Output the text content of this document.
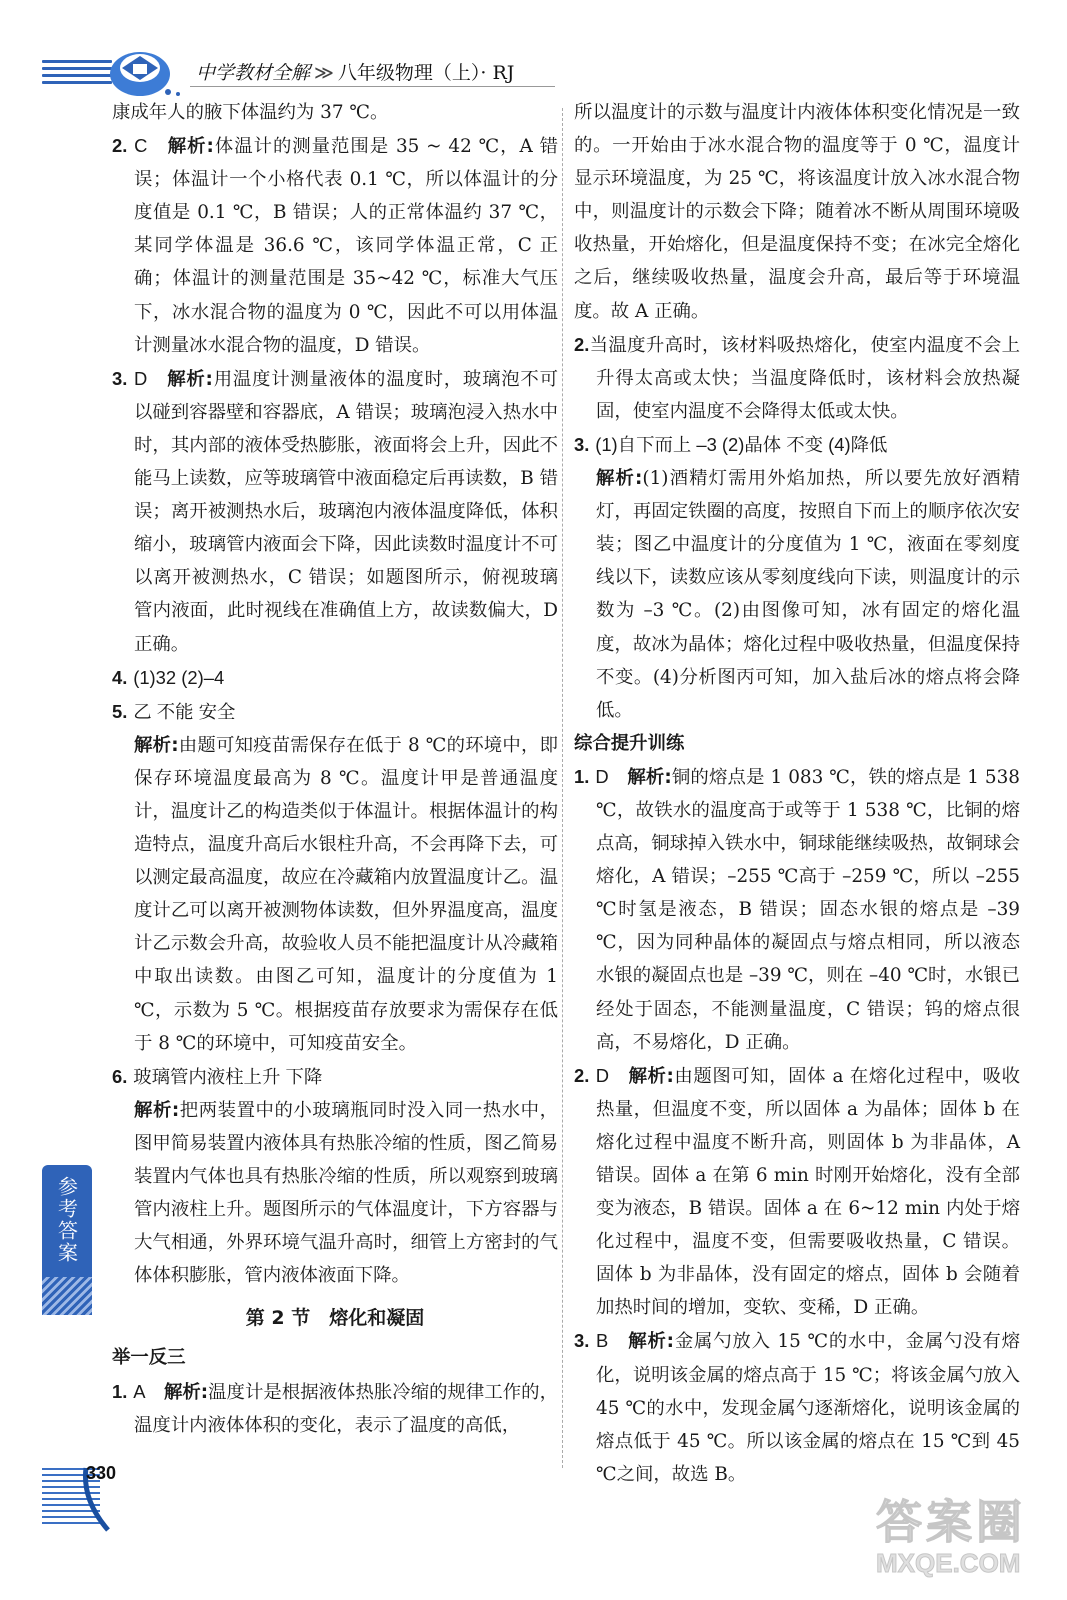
中学教材全解 ≫ 八年级物理（上）· RJ

康成年人的腋下体温约为 37 ℃。

2. C　 解析:体温计的测量范围是 35 ~ 42 ℃，A 错误；体温计一个小格代表 0.1 ℃，所以体温计的分度值是 0.1 ℃，B 错误；人的正常体温约 37 ℃，某同学体温是 36.6 ℃，该同学体温正常，C 正确；体温计的测量范围是 35~42 ℃，标准大气压下，冰水混合物的温度为 0 ℃，因此不可以用体温计测量冰水混合物的温度，D 错误。

3. D　 解析:用温度计测量液体的温度时，玻璃泡不可以碰到容器壁和容器底，A 错误；玻璃泡浸入热水中时，其内部的液体受热膨胀，液面将会上升，因此不能马上读数，应等玻璃管中液面稳定后再读数，B 错误；离开被测热水后，玻璃泡内液体温度降低，体积缩小，玻璃管内液面会下降，因此读数时温度计不可以离开被测热水，C 错误；如题图所示，俯视玻璃管内液面，此时视线在准确值上方，故读数偏大，D 正确。

4. (1)32 (2)–4

5. 乙 不能 安全

解析:由题可知疫苗需保存在低于 8 ℃的环境中，即保存环境温度最高为 8 ℃。温度计甲是普通温度计，温度计乙的构造类似于体温计。根据体温计的构造特点，温度升高后水银柱升高，不会再降下去，可以测定最高温度，故应在冷藏箱内放置温度计乙。温度计乙可以离开被测物体读数，但外界温度高，温度计乙示数会升高，故验收人员不能把温度计从冷藏箱中取出读数。由图乙可知，温度计的分度值为 1 ℃，示数为 5 ℃。根据疫苗存放要求为需保存在低于 8 ℃的环境中，可知疫苗安全。

6. 玻璃管内液柱上升 下降

解析:把两装置中的小玻璃瓶同时没入同一热水中，图甲简易装置内液体具有热胀冷缩的性质，图乙简易装置内气体也具有热胀冷缩的性质，所以观察到玻璃管内液柱上升。题图所示的气体温度计，下方容器与大气相通，外界环境气温升高时，细管上方密封的气体体积膨胀，管内液体液面下降。

第 2 节　熔化和凝固
举一反三

1. A　 解析:温度计是根据液体热胀冷缩的规律工作的，温度计内液体体积的变化，表示了温度的高低，

所以温度计的示数与温度计内液体体积变化情况是一致的。一开始由于冰水混合物的温度等于 0 ℃，温度计显示环境温度，为 25 ℃，将该温度计放入冰水混合物中，则温度计的示数会下降；随着冰不断从周围环境吸收热量，开始熔化，但是温度保持不变；在冰完全熔化之后，继续吸收热量，温度会升高，最后等于环境温度。故 A 正确。

2.当温度升高时，该材料吸热熔化，使室内温度不会上升得太高或太快；当温度降低时，该材料会放热凝固，使室内温度不会降得太低或太快。

3. (1)自下而上 –3 (2)晶体 不变 (4)降低

解析:(1)酒精灯需用外焰加热，所以要先放好酒精灯，再固定铁圈的高度，按照自下而上的顺序依次安装；图乙中温度计的分度值为 1 ℃，液面在零刻度线以下，读数应该从零刻度线向下读，则温度计的示数为 –3 ℃。(2)由图像可知，冰有固定的熔化温度，故冰为晶体；熔化过程中吸收热量，但温度保持不变。(4)分析图丙可知，加入盐后冰的熔点将会降低。

综合提升训练

1. D　 解析:铜的熔点是 1 083 ℃，铁的熔点是 1 538 ℃，故铁水的温度高于或等于 1 538 ℃，比铜的熔点高，铜球掉入铁水中，铜球能继续吸热，故铜球会熔化，A 错误；–255 ℃高于 –259 ℃，所以 –255 ℃时氢是液态，B 错误；固态水银的熔点是 –39 ℃，因为同种晶体的凝固点与熔点相同，所以液态水银的凝固点也是 –39 ℃，则在 –40 ℃时，水银已经处于固态，不能测量温度，C 错误；钨的熔点很高，不易熔化，D 正确。

2. D　 解析:由题图可知，固体 a 在熔化过程中，吸收热量，但温度不变，所以固体 a 为晶体；固体 b 在熔化过程中温度不断升高，则固体 b 为非晶体，A 错误。固体 a 在第 6 min 时刚开始熔化，没有全部变为液态，B 错误。固体 a 在 6~12 min 内处于熔化过程中，温度不变，但需要吸收热量，C 错误。固体 b 为非晶体，没有固定的熔点，固体 b 会随着加热时间的增加，变软、变稀，D 正确。

3. B　 解析:金属勺放入 15 ℃的水中，金属勺没有熔化，说明该金属的熔点高于 15 ℃；将该金属勺放入 45 ℃的水中，发现金属勺逐渐熔化，说明该金属的熔点低于 45 ℃。所以该金属的熔点在 15 ℃到 45 ℃之间，故选 B。

参考答案
330
答案圈
MXQE.COM
